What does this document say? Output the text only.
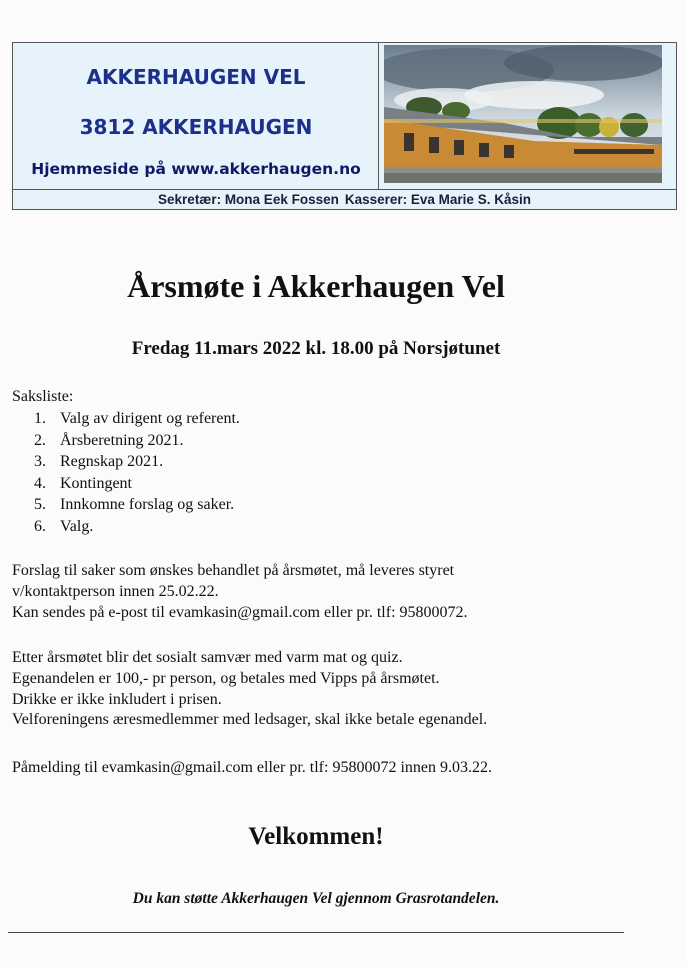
AKKERHAUGEN VEL
3812 AKKERHAUGEN
Hjemmeside på www.akkerhaugen.no
Sekretær: Mona Eek Fossen Kasserer: Eva Marie S. Kåsin
Årsmøte i Akkerhaugen Vel
Fredag 11.mars 2022 kl. 18.00 på Norsjøtunet
Saksliste:
1. Valg av dirigent og referent.
2. Årsberetning 2021.
3. Regnskap 2021.
4. Kontingent
5. Innkomne forslag og saker.
6. Valg.
Forslag til saker som ønskes behandlet på årsmøtet, må leveres styret
v/kontaktperson innen 25.02.22.
Kan sendes på e-post til evamkasin@gmail.com eller pr. tlf: 95800072.
Etter årsmøtet blir det sosialt samvær med varm mat og quiz.
Egenandelen er 100,- pr person, og betales med Vipps på årsmøtet.
Drikke er ikke inkludert i prisen.
Velforeningens æresmedlemmer med ledsager, skal ikke betale egenandel.
Påmelding til evamkasin@gmail.com eller pr. tlf: 95800072 innen 9.03.22.
Velkommen!
Du kan støtte Akkerhaugen Vel gjennom Grasrotandelen.
